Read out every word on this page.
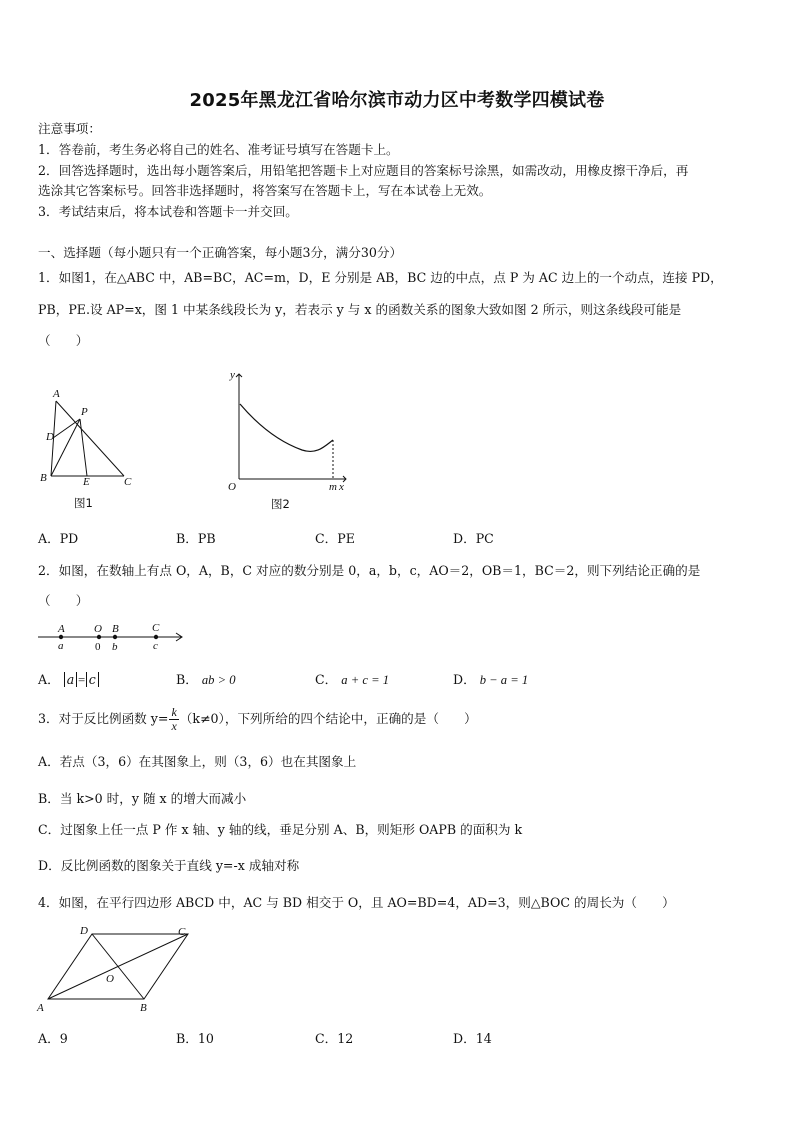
2025年黑龙江省哈尔滨市动力区中考数学四模试卷
注意事项：
1．答卷前，考生务必将自己的姓名、准考证号填写在答题卡上。
2．回答选择题时，选出每小题答案后，用铅笔把答题卡上对应题目的答案标号涂黑，如需改动，用橡皮擦干净后，再
选涂其它答案标号。回答非选择题时，将答案写在答题卡上，写在本试卷上无效。
3．考试结束后，将本试卷和答题卡一并交回。
一、选择题（每小题只有一个正确答案，每小题3分，满分30分）
1．如图1，在△ABC 中，AB=BC，AC=m，D，E 分别是 AB，BC 边的中点，点 P 为 AC 边上的一个动点，连接 PD，
PB，PE.设 AP=x，图 1 中某条线段长为 y，若表示 y 与 x 的函数关系的图象大致如图 2 所示，则这条线段可能是
（　　）
A
P
D
B	E	C
图1
y
O	m x
图2
A．PD	B．PB	C．PE	D．PC
2．如图，在数轴上有点 O，A，B，C 对应的数分别是 0，a，b，c，AO＝2，OB＝1，BC＝2，则下列结论正确的是
（　　）
A	O B	C
a	0 b	c
A． a = c	B． ab > 0	C． a + c = 1	D． b − a = 1
3．对于反比例函数 $y= \frac{k}{x} (k\ne 0)$，下列所给的四个结论中，正确的是（　　）
A．若点（3，6）在其图象上，则（3，6）也在其图象上
B．当 k>0 时，y 随 x 的增大而减小
C．过图象上任一点 P 作 x 轴、y 轴的线，垂足分别 A、B，则矩形 OAPB 的面积为 k
D．反比例函数的图象关于直线 y=-x 成轴对称
4．如图，在平行四边形 ABCD 中，AC 与 BD 相交于 O，且 AO=BD=4，AD=3，则△BOC 的周长为（　　）
D	C
O
A	B
A．9	B．10	C．12	D．14
